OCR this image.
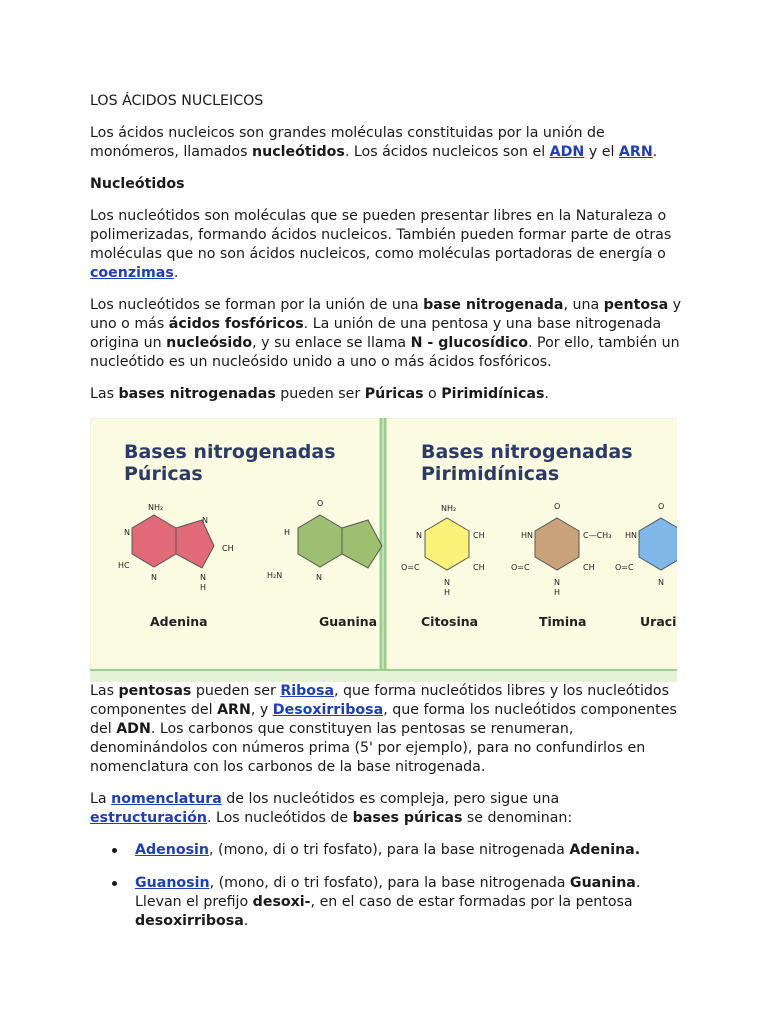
LOS ÁCIDOS NUCLEICOS

Los ácidos nucleicos son grandes moléculas constituidas por la unión de monómeros, llamados nucleótidos. Los ácidos nucleicos son el ADN y el ARN.

Nucleótidos

Los nucleótidos son moléculas que se pueden presentar libres en la Naturaleza o polimerizadas, formando ácidos nucleicos. También pueden formar parte de otras moléculas que no son ácidos nucleicos, como moléculas portadoras de energía o coenzimas.

Los nucleótidos se forman por la unión de una base nitrogenada, una pentosa y uno o más ácidos fosfóricos. La unión de una pentosa y una base nitrogenada origina un nucleósido, y su enlace se llama N - glucosídico. Por ello, también un nucleótido es un nucleósido unido a uno o más ácidos fosfóricos.

Las bases nitrogenadas pueden ser Púricas o Pirimidínicas.

Bases nitrogenadas
Púricas
Bases nitrogenadas
Pirimidínicas
NH₂
N
HC
N
N
CH
N
H
O
H
H₂N	N
NH₂
N	CH
CH
O=C
N
H
O
HN	C—CH₃
CH
O=C
N
H
O
HN
O=C
N
Adenina	Guanina	Citosina	Timina	Uraci

Las pentosas pueden ser Ribosa, que forma nucleótidos libres y los nucleótidos componentes del ARN, y Desoxirribosa, que forma los nucleótidos componentes del ADN. Los carbonos que constituyen las pentosas se renumeran, denominándolos con números prima (5' por ejemplo), para no confundirlos en nomenclatura con los carbonos de la base nitrogenada.

La nomenclatura de los nucleótidos es compleja, pero sigue una estructuración. Los nucleótidos de bases púricas se denominan:

Adenosin, (mono, di o tri fosfato), para la base nitrogenada Adenina.
Guanosin, (mono, di o tri fosfato), para la base nitrogenada Guanina. Llevan el prefijo desoxi-, en el caso de estar formadas por la pentosa desoxirribosa.
